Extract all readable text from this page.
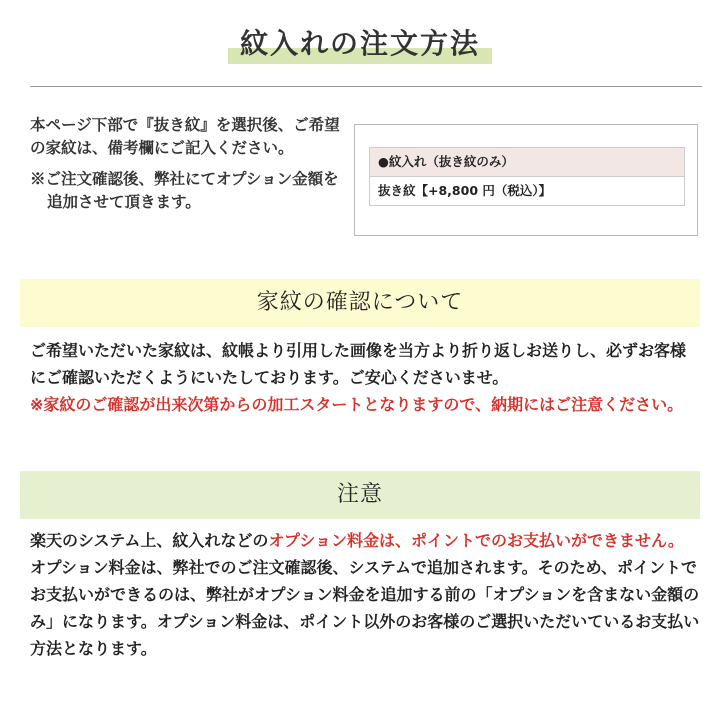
紋入れの注文方法
本ページ下部で『抜き紋』を選択後、ご希望の家紋は、備考欄にご記入ください。
※ご注文確認後、弊社にてオプション金額を追加させて頂きます。
●紋入れ（抜き紋のみ）
抜き紋【+8,800 円（税込）】
家紋の確認について
ご希望いただいた家紋は、紋帳より引用した画像を当方より折り返しお送りし、必ずお客様にご確認いただくようにいたしております。ご安心くださいませ。
※家紋のご確認が出来次第からの加工スタートとなりますので、納期にはご注意ください。
注意
楽天のシステム上、紋入れなどのオプション料金は、ポイントでのお支払いができません。
オプション料金は、弊社でのご注文確認後、システムで追加されます。そのため、ポイントでお支払いができるのは、弊社がオプション料金を追加する前の「オプションを含まない金額のみ」になります。オプション料金は、ポイント以外のお客様のご選択いただいているお支払い方法となります。
